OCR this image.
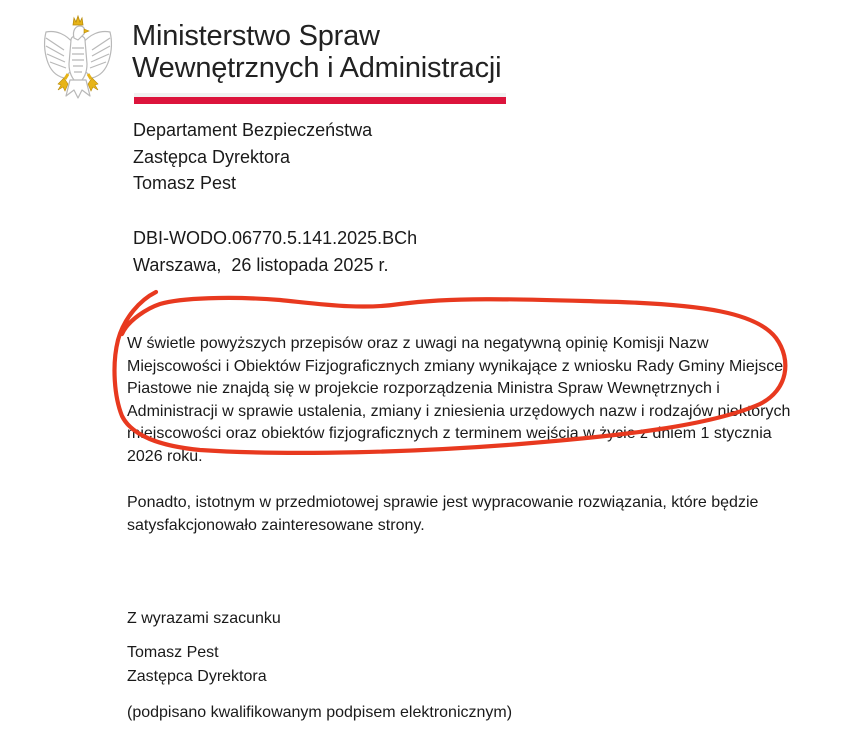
Ministerstwo Spraw
Wewnętrznych i Administracji
Departament Bezpieczeństwa
Zastępca Dyrektora
Tomasz Pest
DBI-WODO.06770.5.141.2025.BCh
Warszawa,  26 listopada 2025 r.
W świetle powyższych przepisów oraz z uwagi na negatywną opinię Komisji Nazw Miejscowości i Obiektów Fizjograficznych zmiany wynikające z wniosku Rady Gminy Miejsce Piastowe nie znajdą się w projekcie rozporządzenia Ministra Spraw Wewnętrznych i Administracji w sprawie ustalenia, zmiany i zniesienia urzędowych nazw i rodzajów niektórych miejscowości oraz obiektów fizjograficznych z terminem wejścia w życie z dniem 1 stycznia 2026 roku.
Ponadto, istotnym w przedmiotowej sprawie jest wypracowanie rozwiązania, które będzie satysfakcjonowało zainteresowane strony.
Z wyrazami szacunku
Tomasz Pest
Zastępca Dyrektora
(podpisano kwalifikowanym podpisem elektronicznym)
